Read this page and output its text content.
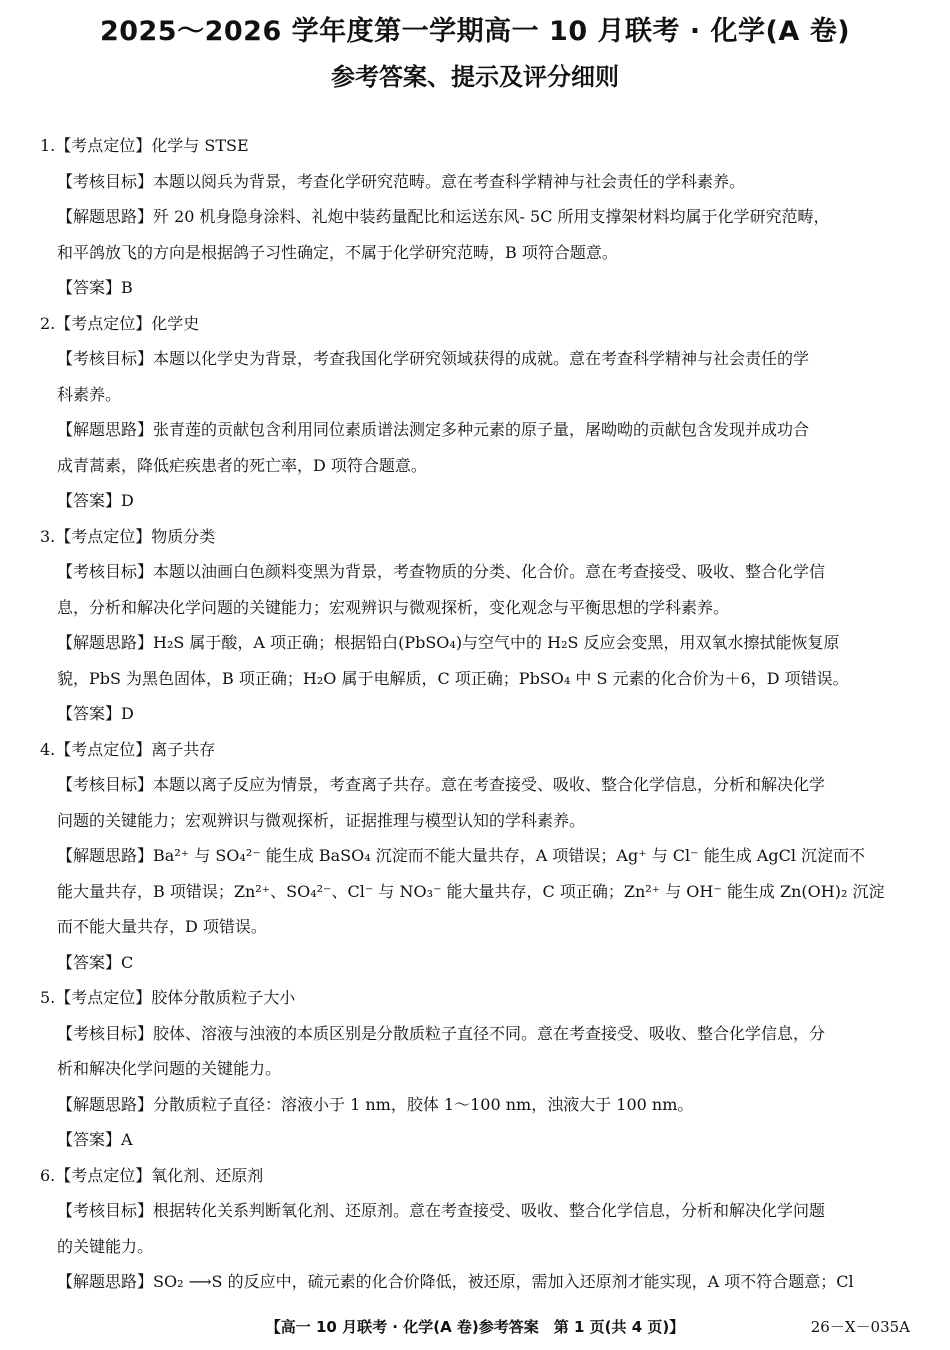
2025～2026 学年度第一学期高一 10 月联考 · 化学(A 卷)
参考答案、提示及评分细则
1.【考点定位】化学与 STSE
【考核目标】本题以阅兵为背景，考查化学研究范畴。意在考查科学精神与社会责任的学科素养。
【解题思路】歼 20 机身隐身涂料、礼炮中装药量配比和运送东风- 5C 所用支撑架材料均属于化学研究范畴，
和平鸽放飞的方向是根据鸽子习性确定，不属于化学研究范畴，B 项符合题意。
【答案】B
2.【考点定位】化学史
【考核目标】本题以化学史为背景，考查我国化学研究领域获得的成就。意在考查科学精神与社会责任的学
科素养。
【解题思路】张青莲的贡献包含利用同位素质谱法测定多种元素的原子量，屠呦呦的贡献包含发现并成功合
成青蒿素，降低疟疾患者的死亡率，D 项符合题意。
【答案】D
3.【考点定位】物质分类
【考核目标】本题以油画白色颜料变黑为背景，考查物质的分类、化合价。意在考查接受、吸收、整合化学信
息，分析和解决化学问题的关键能力；宏观辨识与微观探析，变化观念与平衡思想的学科素养。
【解题思路】H₂S 属于酸，A 项正确；根据铅白(PbSO₄)与空气中的 H₂S 反应会变黑，用双氧水擦拭能恢复原
貌，PbS 为黑色固体，B 项正确；H₂O 属于电解质，C 项正确；PbSO₄ 中 S 元素的化合价为＋6，D 项错误。
【答案】D
4.【考点定位】离子共存
【考核目标】本题以离子反应为情景，考查离子共存。意在考查接受、吸收、整合化学信息，分析和解决化学
问题的关键能力；宏观辨识与微观探析，证据推理与模型认知的学科素养。
【解题思路】Ba²⁺ 与 SO₄²⁻ 能生成 BaSO₄ 沉淀而不能大量共存，A 项错误；Ag⁺ 与 Cl⁻ 能生成 AgCl 沉淀而不
能大量共存，B 项错误；Zn²⁺、SO₄²⁻、Cl⁻ 与 NO₃⁻ 能大量共存，C 项正确；Zn²⁺ 与 OH⁻ 能生成 Zn(OH)₂ 沉淀
而不能大量共存，D 项错误。
【答案】C
5.【考点定位】胶体分散质粒子大小
【考核目标】胶体、溶液与浊液的本质区别是分散质粒子直径不同。意在考查接受、吸收、整合化学信息，分
析和解决化学问题的关键能力。
【解题思路】分散质粒子直径：溶液小于 1 nm，胶体 1～100 nm，浊液大于 100 nm。
【答案】A
6.【考点定位】氧化剂、还原剂
【考核目标】根据转化关系判断氧化剂、还原剂。意在考查接受、吸收、整合化学信息，分析和解决化学问题
的关键能力。
【解题思路】SO₂ ⟶S 的反应中，硫元素的化合价降低，被还原，需加入还原剂才能实现，A 项不符合题意；Cl
【高一 10 月联考 · 化学(A 卷)参考答案　第 1 页(共 4 页)】	26－X－035A
